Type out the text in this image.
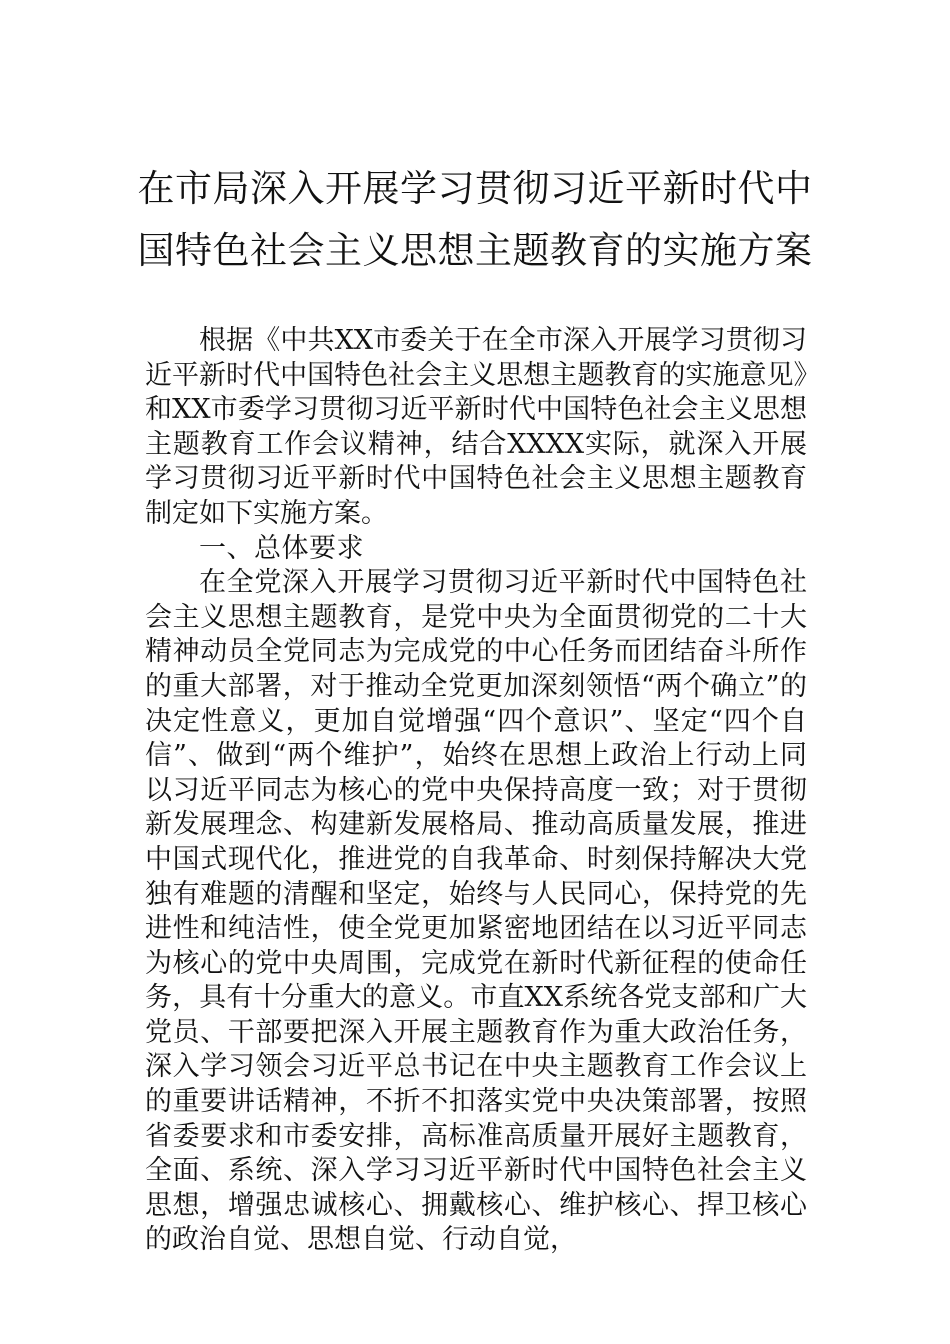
在市局深入开展学习贯彻习近平新时代中
国特色社会主义思想主题教育的实施方案

根据《中共XX市委关于在全市深入开展学习贯彻习近平新时代中国特色社会主义思想主题教育的实施意见》和XX市委学习贯彻习近平新时代中国特色社会主义思想主题教育工作会议精神，结合XXXX实际，就深入开展学习贯彻习近平新时代中国特色社会主义思想主题教育制定如下实施方案。

一、总体要求

在全党深入开展学习贯彻习近平新时代中国特色社会主义思想主题教育，是党中央为全面贯彻党的二十大精神动员全党同志为完成党的中心任务而团结奋斗所作的重大部署，对于推动全党更加深刻领悟“两个确立”的决定性意义，更加自觉增强“四个意识”、坚定“四个自信”、做到“两个维护”，始终在思想上政治上行动上同以习近平同志为核心的党中央保持高度一致；对于贯彻新发展理念、构建新发展格局、推动高质量发展，推进中国式现代化，推进党的自我革命、时刻保持解决大党独有难题的清醒和坚定，始终与人民同心，保持党的先进性和纯洁性，使全党更加紧密地团结在以习近平同志为核心的党中央周围，完成党在新时代新征程的使命任务，具有十分重大的意义。市直XX系统各党支部和广大党员、干部要把深入开展主题教育作为重大政治任务，深入学习领会习近平总书记在中央主题教育工作会议上的重要讲话精神，不折不扣落实党中央决策部署，按照省委要求和市委安排，高标准高质量开展好主题教育，全面、系统、深入学习习近平新时代中国特色社会主义思想，增强忠诚核心、拥戴核心、维护核心、捍卫核心的政治自觉、思想自觉、行动自觉，
